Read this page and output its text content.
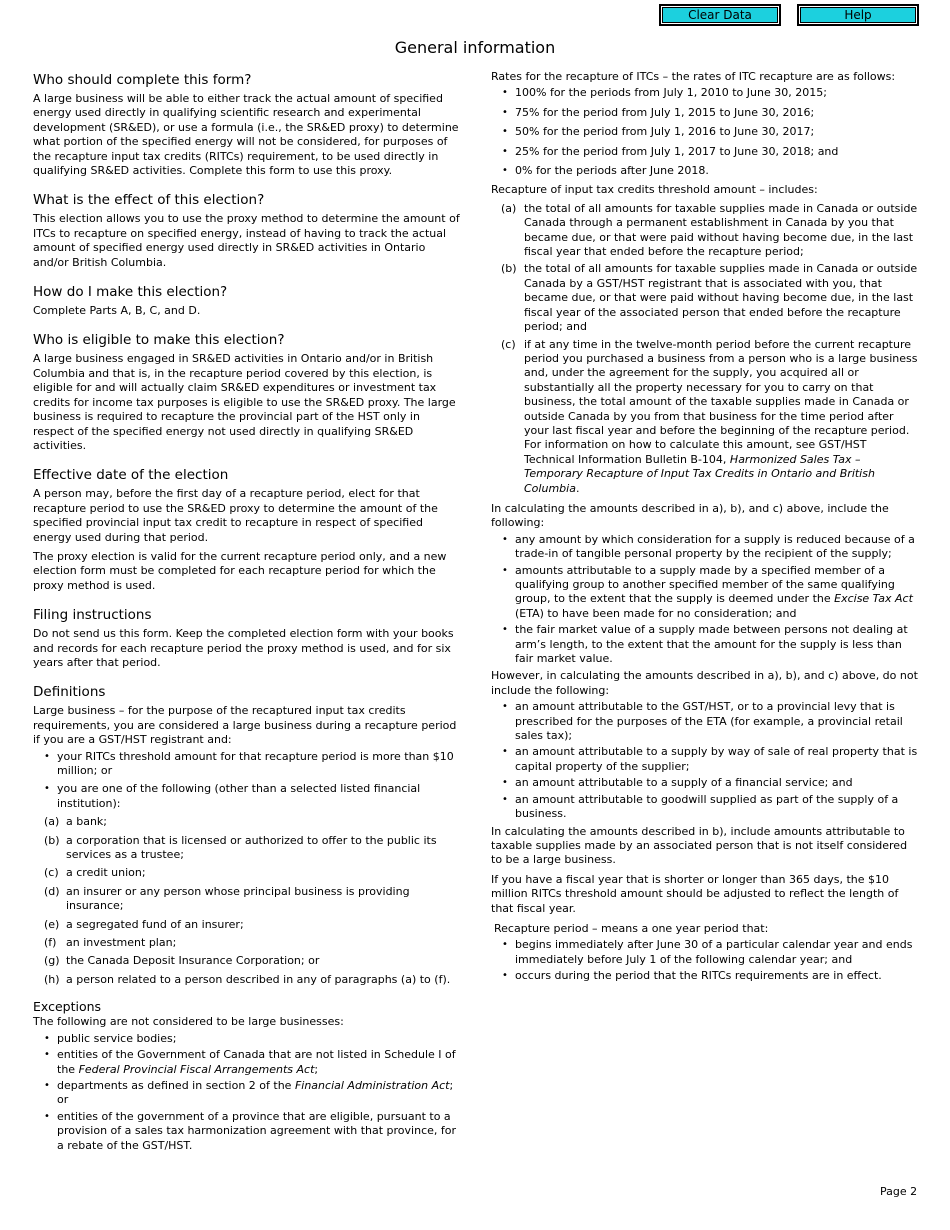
Clear Data	Help
General information
Who should complete this form?

A large business will be able to either track the actual amount of specified energy used directly in qualifying scientific research and experimental development (SR&ED), or use a formula (i.e., the SR&ED proxy) to determine what portion of the specified energy will not be considered, for purposes of the recapture input tax credits (RITCs) requirement, to be used directly in qualifying SR&ED activities. Complete this form to use this proxy.

What is the effect of this election?

This election allows you to use the proxy method to determine the amount of ITCs to recapture on specified energy, instead of having to track the actual amount of specified energy used directly in SR&ED activities in Ontario and/or British Columbia.

How do I make this election?

Complete Parts A, B, C, and D.

Who is eligible to make this election?

A large business engaged in SR&ED activities in Ontario and/or in British Columbia and that is, in the recapture period covered by this election, is eligible for and will actually claim SR&ED expenditures or investment tax credits for income tax purposes is eligible to use the SR&ED proxy. The large business is required to recapture the provincial part of the HST only in respect of the specified energy not used directly in qualifying SR&ED activities.

Effective date of the election

A person may, before the first day of a recapture period, elect for that recapture period to use the SR&ED proxy to determine the amount of the specified provincial input tax credit to recapture in respect of specified energy used during that period.

The proxy election is valid for the current recapture period only, and a new election form must be completed for each recapture period for which the proxy method is used.

Filing instructions

Do not send us this form. Keep the completed election form with your books and records for each recapture period the proxy method is used, and for six years after that period.

Definitions

Large business – for the purpose of the recaptured input tax credits requirements, you are considered a large business during a recapture period if you are a GST/HST registrant and:

• your RITCs threshold amount for that recapture period is more than $10 million; or
• you are one of the following (other than a selected listed financial institution):
(a) a bank;
(b) a corporation that is licensed or authorized to offer to the public its services as a trustee;
(c) a credit union;
(d) an insurer or any person whose principal business is providing insurance;
(e) a segregated fund of an insurer;
(f) an investment plan;
(g) the Canada Deposit Insurance Corporation; or
(h) a person related to a person described in any of paragraphs (a) to (f).
Exceptions

The following are not considered to be large businesses:

• public service bodies;
• entities of the Government of Canada that are not listed in Schedule I of the Federal Provincial Fiscal Arrangements Act;
• departments as defined in section 2 of the Financial Administration Act; or
• entities of the government of a province that are eligible, pursuant to a provision of a sales tax harmonization agreement with that province, for a rebate of the GST/HST.

Rates for the recapture of ITCs – the rates of ITC recapture are as follows:

• 100% for the periods from July 1, 2010 to June 30, 2015;
• 75% for the period from July 1, 2015 to June 30, 2016;
• 50% for the period from July 1, 2016 to June 30, 2017;
• 25% for the period from July 1, 2017 to June 30, 2018; and
• 0% for the periods after June 2018.

Recapture of input tax credits threshold amount – includes:

(a) the total of all amounts for taxable supplies made in Canada or outside Canada through a permanent establishment in Canada by you that became due, or that were paid without having become due, in the last fiscal year that ended before the recapture period;
(b) the total of all amounts for taxable supplies made in Canada or outside Canada by a GST/HST registrant that is associated with you, that became due, or that were paid without having become due, in the last fiscal year of the associated person that ended before the recapture period; and
(c) if at any time in the twelve-month period before the current recapture period you purchased a business from a person who is a large business and, under the agreement for the supply, you acquired all or substantially all the property necessary for you to carry on that business, the total amount of the taxable supplies made in Canada or outside Canada by you from that business for the time period after your last fiscal year and before the beginning of the recapture period. For information on how to calculate this amount, see GST/HST Technical Information Bulletin B-104, Harmonized Sales Tax – Temporary Recapture of Input Tax Credits in Ontario and British Columbia.

In calculating the amounts described in a), b), and c) above, include the following:

• any amount by which consideration for a supply is reduced because of a trade-in of tangible personal property by the recipient of the supply;
• amounts attributable to a supply made by a specified member of a qualifying group to another specified member of the same qualifying group, to the extent that the supply is deemed under the Excise Tax Act (ETA) to have been made for no consideration; and
• the fair market value of a supply made between persons not dealing at arm’s length, to the extent that the amount for the supply is less than fair market value.

However, in calculating the amounts described in a), b), and c) above, do not include the following:

• an amount attributable to the GST/HST, or to a provincial levy that is prescribed for the purposes of the ETA (for example, a provincial retail sales tax);
• an amount attributable to a supply by way of sale of real property that is capital property of the supplier;
• an amount attributable to a supply of a financial service; and
• an amount attributable to goodwill supplied as part of the supply of a business.

In calculating the amounts described in b), include amounts attributable to taxable supplies made by an associated person that is not itself considered to be a large business.

If you have a fiscal year that is shorter or longer than 365 days, the $10 million RITCs threshold amount should be adjusted to reflect the length of that fiscal year.

Recapture period – means a one year period that:

• begins immediately after June 30 of a particular calendar year and ends immediately before July 1 of the following calendar year; and
• occurs during the period that the RITCs requirements are in effect.
Page 2
